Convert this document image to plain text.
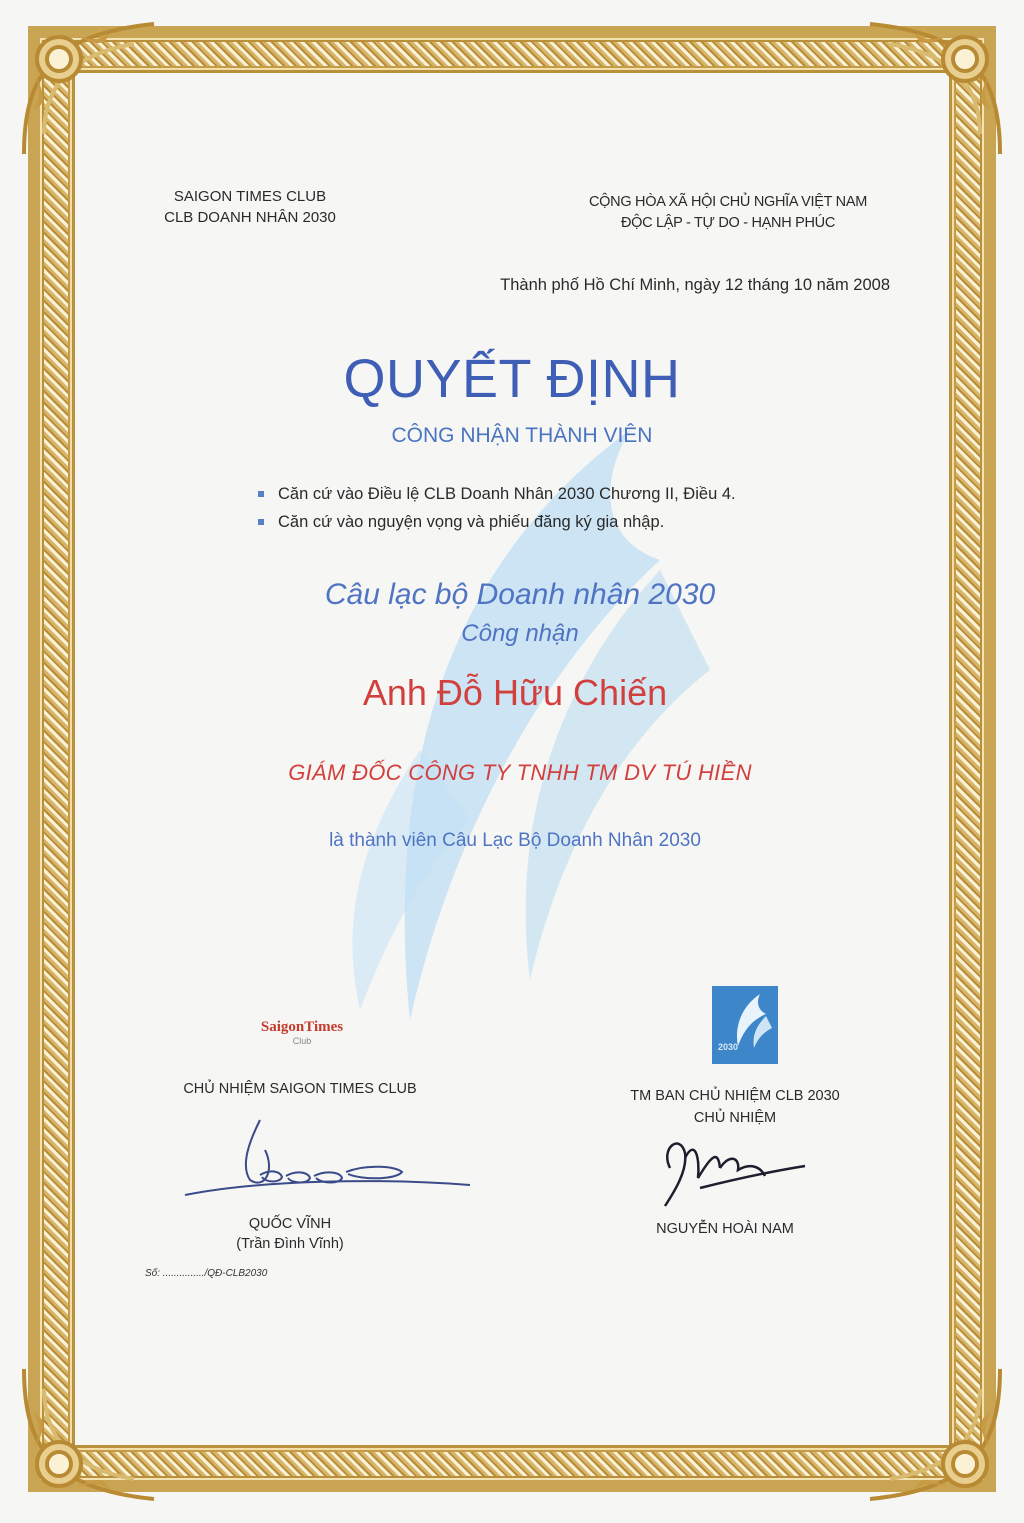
SAIGON TIMES CLUB
CLB DOANH NHÂN 2030
CỘNG HÒA XÃ HỘI CHỦ NGHĨA VIỆT NAM
ĐỘC LẬP - TỰ DO - HẠNH PHÚC
Thành phố Hồ Chí Minh, ngày 12 tháng 10 năm 2008
QUYẾT ĐỊNH
CÔNG NHẬN THÀNH VIÊN
Căn cứ vào Điều lệ CLB Doanh Nhân 2030 Chương II, Điều 4.
Căn cứ vào nguyện vọng và phiếu đăng ký gia nhập.
Câu lạc bộ Doanh nhân 2030
Công nhận
Anh Đỗ Hữu Chiến
GIÁM ĐỐC CÔNG TY TNHH TM DV TÚ HIỀN
là thành viên Câu Lạc Bộ Doanh Nhân 2030
SaigonTimes
Club
2030
CHỦ NHIỆM SAIGON TIMES CLUB
QUỐC VĨNH
(Trần Đình Vĩnh)
TM BAN CHỦ NHIỆM CLB 2030
CHỦ NHIỆM
NGUYỄN HOÀI NAM
Số: .............../QĐ-CLB2030
